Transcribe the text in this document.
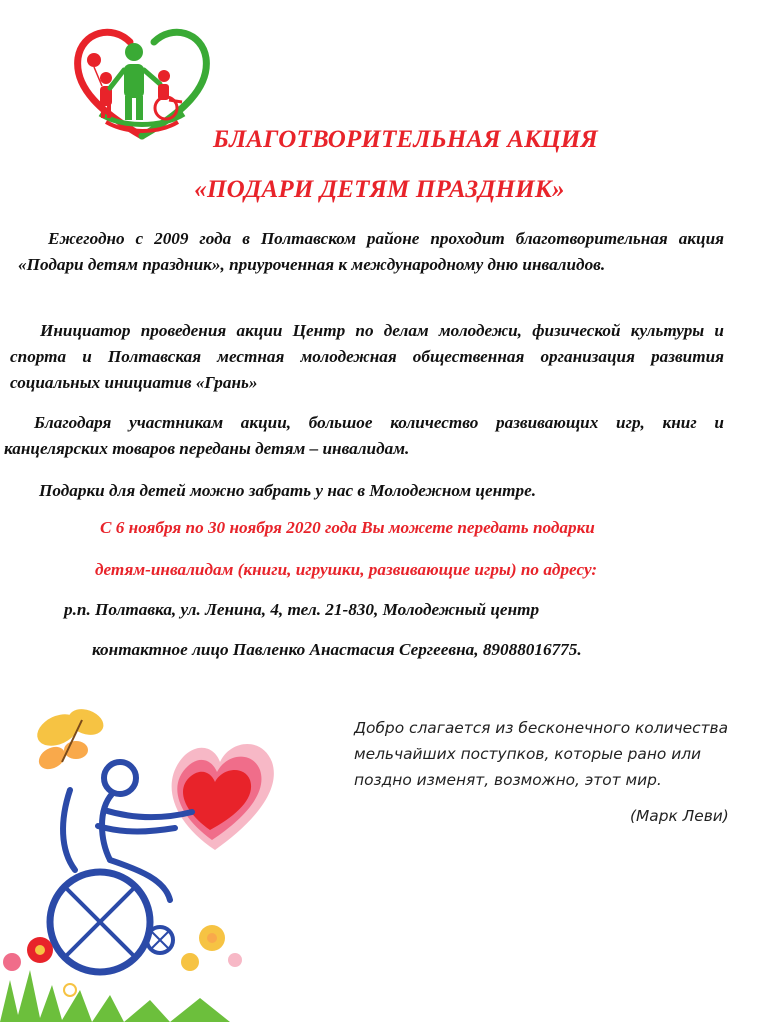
БЛАГОТВОРИТЕЛЬНАЯ АКЦИЯ
«ПОДАРИ ДЕТЯМ ПРАЗДНИК»

Ежегодно с 2009 года в Полтавском районе проходит благотворительная акция «Подари детям праздник», приуроченная к международному дню инвалидов.

Инициатор проведения акции Центр по делам молодежи, физической культуры и спорта и Полтавская местная молодежная общественная организация развития социальных инициатив «Грань»

Благодаря участникам акции, большое количество развивающих игр, книг и канцелярских товаров переданы детям – инвалидам.

Подарки для детей можно забрать у нас в Молодежном центре.

С 6 ноября по 30 ноября 2020 года Вы можете передать подарки

детям-инвалидам (книги, игрушки, развивающие игры) по адресу:

р.п. Полтавка, ул. Ленина, 4, тел. 21-830, Молодежный центр

контактное лицо Павленко Анастасия Сергеевна, 89088016775.

Добро слагается из бесконечного количества мельчайших поступков, которые рано или поздно изменят, возможно, этот мир.

(Марк Леви)
